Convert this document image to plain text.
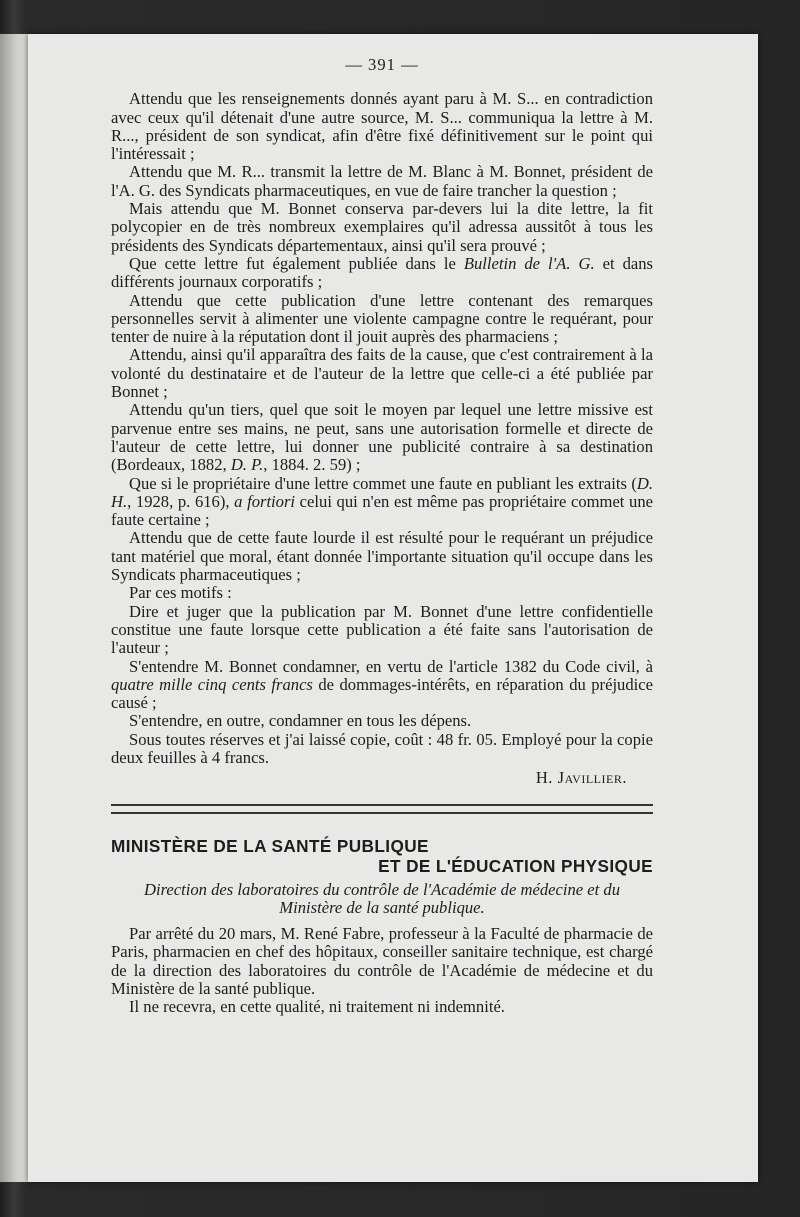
— 391 —

Attendu que les renseignements donnés ayant paru à M. S... en contradiction avec ceux qu'il détenait d'une autre source, M. S... communiqua la lettre à M. R..., président de son syndicat, afin d'être fixé définitivement sur le point qui l'intéressait ;

Attendu que M. R... transmit la lettre de M. Blanc à M. Bonnet, président de l'A. G. des Syndicats pharmaceutiques, en vue de faire trancher la question ;

Mais attendu que M. Bonnet conserva par-devers lui la dite lettre, la fit polycopier en de très nombreux exemplaires qu'il adressa aussitôt à tous les présidents des Syndicats départementaux, ainsi qu'il sera prouvé ;

Que cette lettre fut également publiée dans le Bulletin de l'A. G. et dans différents journaux corporatifs ;

Attendu que cette publication d'une lettre contenant des remarques personnelles servit à alimenter une violente campagne contre le requérant, pour tenter de nuire à la réputation dont il jouit auprès des pharmaciens ;

Attendu, ainsi qu'il apparaîtra des faits de la cause, que c'est contrairement à la volonté du destinataire et de l'auteur de la lettre que celle-ci a été publiée par Bonnet ;

Attendu qu'un tiers, quel que soit le moyen par lequel une lettre missive est parvenue entre ses mains, ne peut, sans une autorisation formelle et directe de l'auteur de cette lettre, lui donner une publicité contraire à sa destination (Bordeaux, 1882, D. P., 1884. 2. 59) ;

Que si le propriétaire d'une lettre commet une faute en publiant les extraits (D. H., 1928, p. 616), a fortiori celui qui n'en est même pas propriétaire commet une faute certaine ;

Attendu que de cette faute lourde il est résulté pour le requérant un préjudice tant matériel que moral, étant donnée l'importante situation qu'il occupe dans les Syndicats pharmaceutiques ;

Par ces motifs :

Dire et juger que la publication par M. Bonnet d'une lettre confidentielle constitue une faute lorsque cette publication a été faite sans l'autorisation de l'auteur ;

S'entendre M. Bonnet condamner, en vertu de l'article 1382 du Code civil, à quatre mille cinq cents francs de dommages-intérêts, en réparation du préjudice causé ;

S'entendre, en outre, condamner en tous les dépens.

Sous toutes réserves et j'ai laissé copie, coût : 48 fr. 05. Employé pour la copie deux feuilles à 4 francs.

H. Javillier.
MINISTÈRE DE LA SANTÉ PUBLIQUE
ET DE L'ÉDUCATION PHYSIQUE
Direction des laboratoires du contrôle de l'Académie de médecine et du Ministère de la santé publique.

Par arrêté du 20 mars, M. René Fabre, professeur à la Faculté de pharmacie de Paris, pharmacien en chef des hôpitaux, conseiller sanitaire technique, est chargé de la direction des laboratoires du contrôle de l'Académie de médecine et du Ministère de la santé publique.

Il ne recevra, en cette qualité, ni traitement ni indemnité.
